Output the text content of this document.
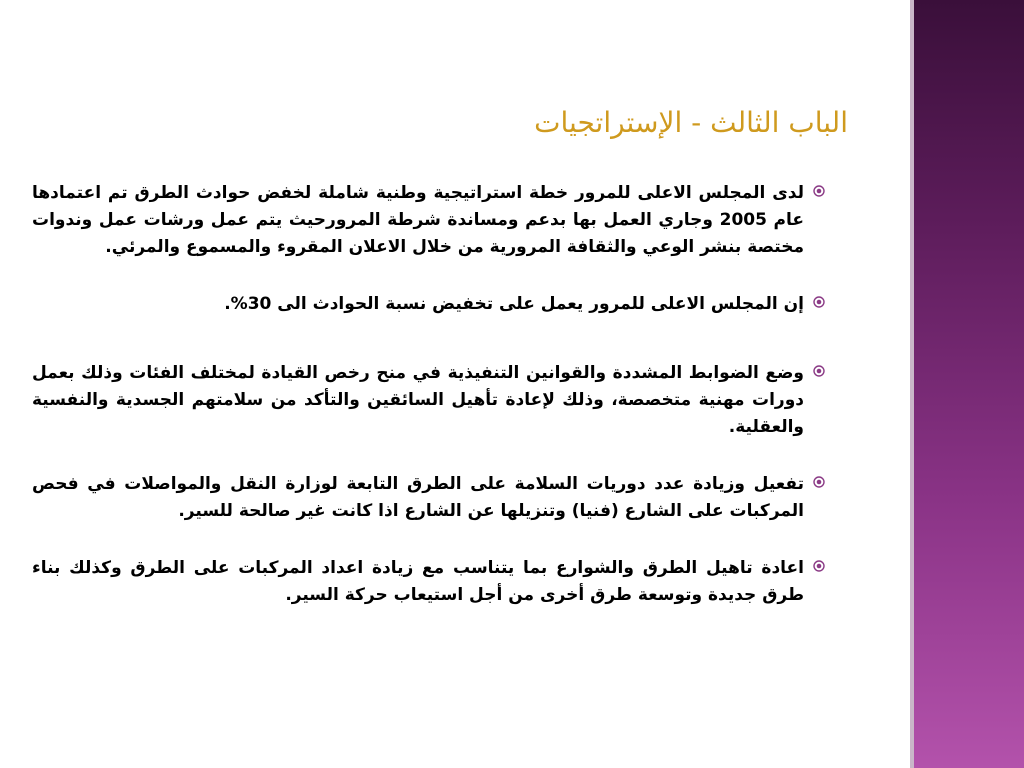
الباب الثالث - الإستراتجيات
لدى المجلس الاعلى للمرور خطة استراتيجية وطنية شاملة لخفض حوادث الطرق تم اعتمادها عام 2005 وجاري العمل بها بدعم ومساندة شرطة المرورحيث يتم عمل ورشات عمل وندوات مختصة بنشر الوعي والثقافة المرورية من خلال الاعلان المقروء والمسموع والمرئي.
إن المجلس الاعلى للمرور يعمل على تخفيض نسبة الحوادث الى 30%.
وضع الضوابط المشددة والقوانين التنفيذية في منح رخص القيادة لمختلف الفئات وذلك بعمل دورات مهنية متخصصة، وذلك لإعادة تأهيل السائقين والتأكد من سلامتهم الجسدية والنفسية والعقلية.
تفعيل وزيادة عدد دوريات السلامة على الطرق التابعة لوزارة النقل والمواصلات في فحص المركبات على الشارع (فنيا) وتنزيلها عن الشارع اذا كانت غير صالحة للسير.
اعادة تاهيل الطرق والشوارع بما يتناسب مع زيادة اعداد المركبات على الطرق وكذلك بناء طرق جديدة وتوسعة طرق أخرى من أجل استيعاب حركة السير.
